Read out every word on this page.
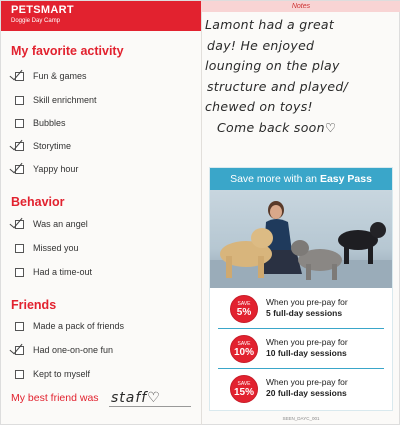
PETSMART
Doggie Day Camp
Notes
My favorite activity
Fun & games
Skill enrichment
Bubbles
Storytime
Yappy hour
Behavior
Was an angel
Missed you
Had a time-out
Friends
Made a pack of friends
Had one-on-one fun
Kept to myself
My best friend was staff♡
Lamont had a great
day! He enjoyed
lounging on the play
structure and played/
chewed on toys!
Come back soon♡
Save more with an Easy Pass
SAVE
5%
When you pre-pay for
5 full-day sessions
SAVE
10%
When you pre-pay for
10 full-day sessions
SAVE
15%
When you pre-pay for
20 full-day sessions
SEEN_DAYC_001
